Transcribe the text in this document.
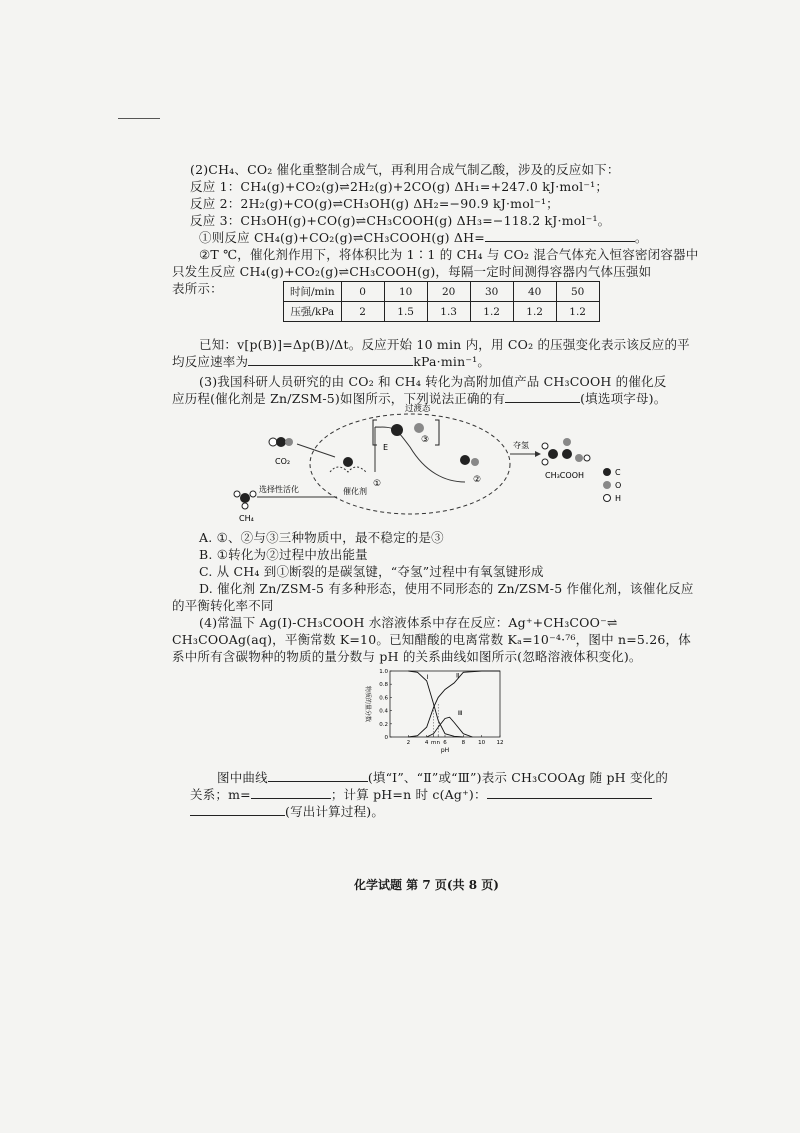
(2)CH₄、CO₂ 催化重整制合成气，再利用合成气制乙酸，涉及的反应如下：
反应 1：CH₄(g)+CO₂(g)⇌2H₂(g)+2CO(g) ΔH₁=+247.0 kJ·mol⁻¹；
反应 2：2H₂(g)+CO(g)⇌CH₃OH(g) ΔH₂=−90.9 kJ·mol⁻¹；
反应 3：CH₃OH(g)+CO(g)⇌CH₃COOH(g) ΔH₃=−118.2 kJ·mol⁻¹。
①则反应 CH₄(g)+CO₂(g)⇌CH₃COOH(g) ΔH=	。
②T ℃，催化剂作用下，将体积比为 1∶1 的 CH₄ 与 CO₂ 混合气体充入恒容密闭容器中
只发生反应 CH₄(g)+CO₂(g)⇌CH₃COOH(g)，每隔一定时间测得容器内气体压强如
表所示：	时间/min	0	10	20	30	40	50
压强/kPa	2	1.5	1.3	1.2	1.2	1.2
已知：v[p(B)]=Δp(B)/Δt。反应开始 10 min 内，用 CO₂ 的压强变化表示该反应的平
均反应速率为	kPa·min⁻¹。
(3)我国科研人员研究的由 CO₂ 和 CH₄ 转化为高附加值产品 CH₃COOH 的催化反
应历程(催化剂是 Zn/ZSM-5)如图所示，下列说法正确的有	(填选项字母)。
过渡态
CO₂
CH₄
选择性活化	催化剂
①
E
③
②
夺氢
CH₃COOH	C
O
H
A. ①、②与③三种物质中，最不稳定的是③
B. ①转化为②过程中放出能量
C. 从 CH₄ 到①断裂的是碳氢键，“夺氢”过程中有氧氢键形成
D. 催化剂 Zn/ZSM-5 有多种形态，使用不同形态的 Zn/ZSM-5 作催化剂，该催化反应
的平衡转化率不同
(4)常温下 Ag(Ⅰ)-CH₃COOH 水溶液体系中存在反应：Ag⁺+CH₃COO⁻⇌
CH₃COOAg(aq)，平衡常数 K=10。已知醋酸的电离常数 Kₐ=10⁻⁴·⁷⁶，图中 n=5.26，体
系中所有含碳物种的物质的量分数与 pH 的关系曲线如图所示(忽略溶液体积变化)。
0
0.2
0.4
0.6
0.8
1.0
2	4 m n 6	8 10 12
pH
物质的量分数
Ⅰ	Ⅱ
Ⅲ
图中曲线	(填“Ⅰ”、“Ⅱ”或“Ⅲ”)表示 CH₃COOAg 随 pH 变化的
关系；m=	；计算 pH=n 时 c(Ag⁺)：
(写出计算过程)。
化学试题 第 7 页(共 8 页)
